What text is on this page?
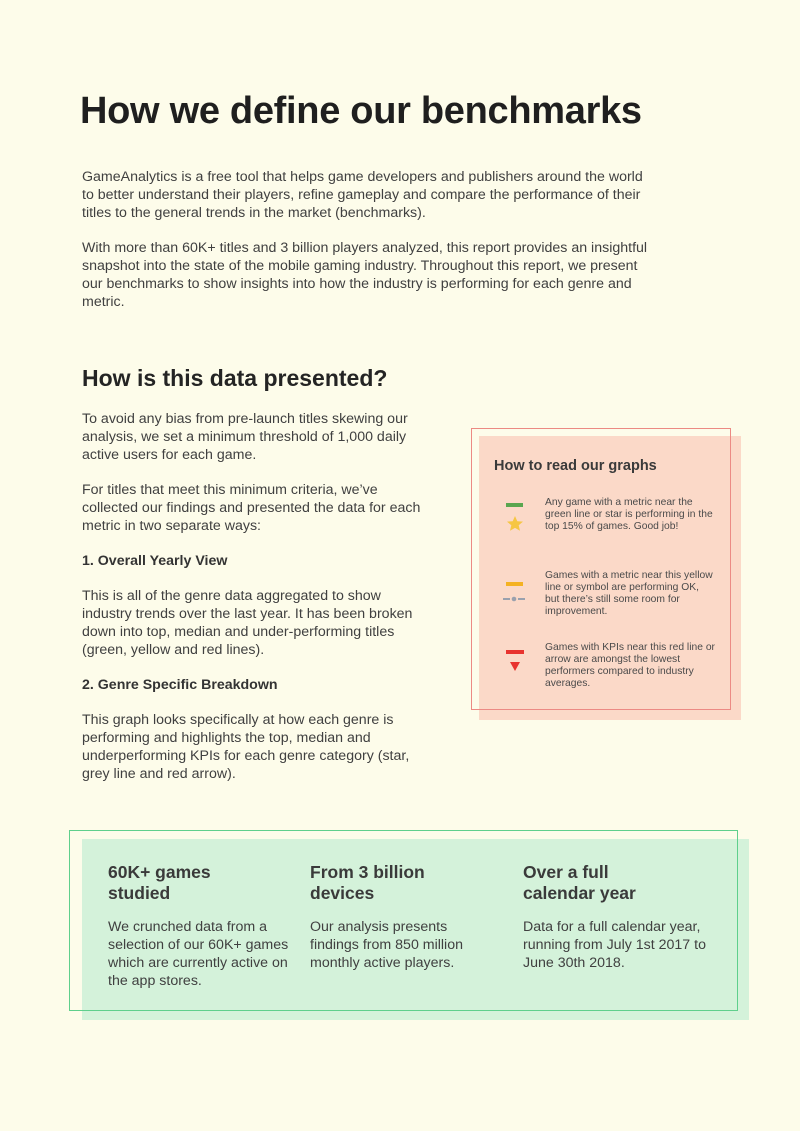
How we define our benchmarks

GameAnalytics is a free tool that helps game developers and publishers around the world to better understand their players, refine gameplay and compare the performance of their titles to the general trends in the market (benchmarks).

With more than 60K+ titles and 3 billion players analyzed, this report provides an insightful snapshot into the state of the mobile gaming industry. Throughout this report, we present our benchmarks to show insights into how the industry is performing for each genre and metric.

How is this data presented?

To avoid any bias from pre-launch titles skewing our analysis, we set a minimum threshold of 1,000 daily active users for each game.

For titles that meet this minimum criteria, we’ve collected our findings and presented the data for each metric in two separate ways:

1. Overall Yearly View

This is all of the genre data aggregated to show industry trends over the last year. It has been broken down into top, median and under-performing titles (green, yellow and red lines).

2. Genre Specific Breakdown

This graph looks specifically at how each genre is performing and highlights the top, median and underperforming KPIs for each genre category (star, grey line and red arrow).

How to read our graphs

Any game with a metric near the green line or star is performing in the top 15% of games. Good job!

Games with a metric near this yellow line or symbol are performing OK, but there’s still some room for improvement.

Games with KPIs near this red line or arrow are amongst the lowest performers compared to industry averages.

60K+ games studied

We crunched data from a selection of our 60K+ games which are currently active on the app stores.

From 3 billion devices

Our analysis presents findings from 850 million monthly active players.

Over a full calendar year

Data for a full calendar year, running from July 1st 2017 to June 30th 2018.
